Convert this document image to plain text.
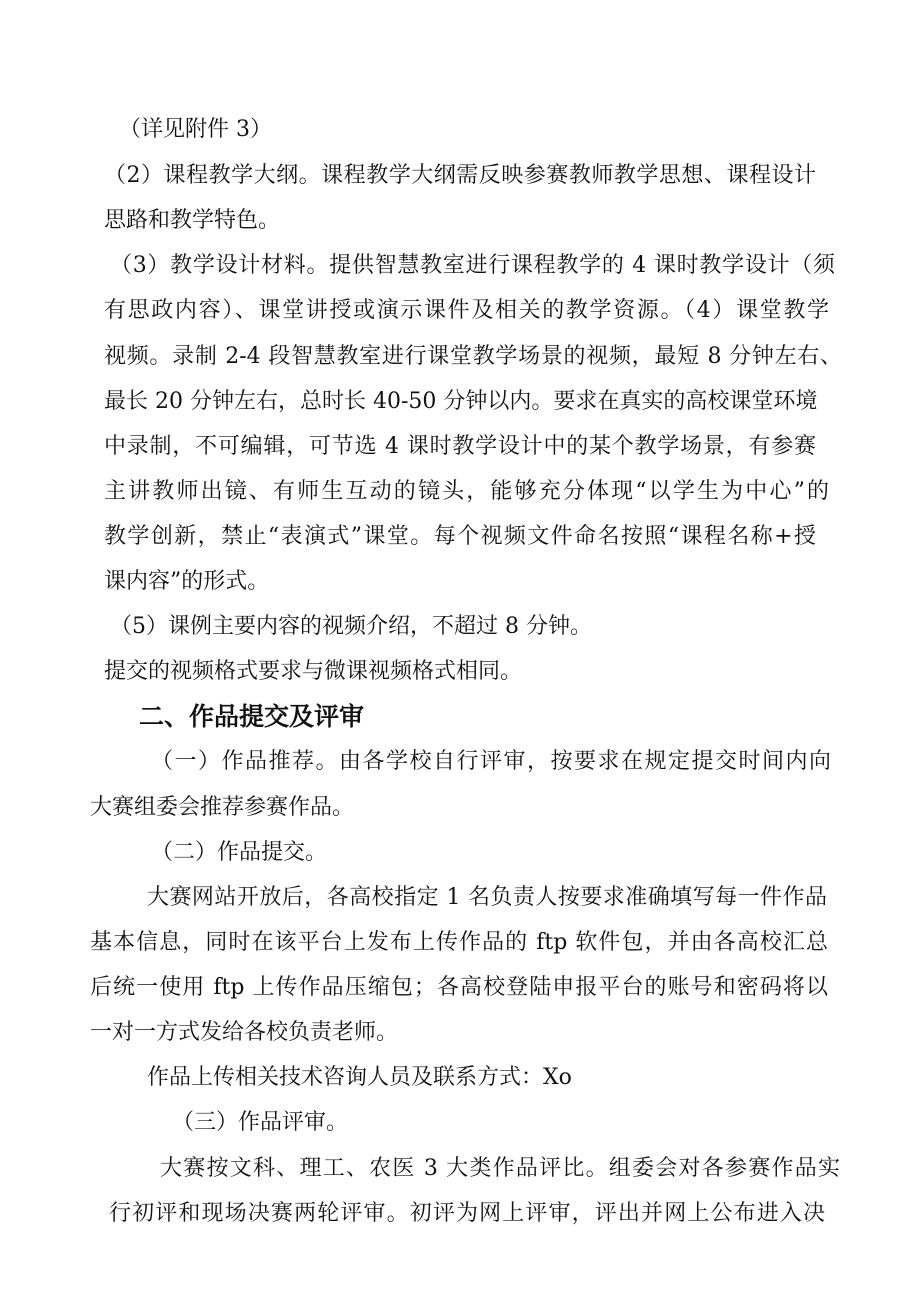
（详见附件 3）
（2）课程教学大纲。课程教学大纲需反映参赛教师教学思想、课程设计
思路和教学特色。
（3）教学设计材料。提供智慧教室进行课程教学的 4 课时教学设计（须
有思政内容）、课堂讲授或演示课件及相关的教学资源。（4）课堂教学
视频。录制 2-4 段智慧教室进行课堂教学场景的视频，最短 8 分钟左右、
最长 20 分钟左右，总时长 40-50 分钟以内。要求在真实的高校课堂环境
中录制，不可编辑，可节选 4 课时教学设计中的某个教学场景，有参赛
主讲教师出镜、有师生互动的镜头，能够充分体现“以学生为中心”的
教学创新，禁止“表演式”课堂。每个视频文件命名按照“课程名称+授
课内容”的形式。
（5）课例主要内容的视频介绍，不超过 8 分钟。
提交的视频格式要求与微课视频格式相同。
二、作品提交及评审
（一）作品推荐。由各学校自行评审，按要求在规定提交时间内向
大赛组委会推荐参赛作品。
（二）作品提交。
大赛网站开放后，各高校指定 1 名负责人按要求准确填写每一件作品
基本信息，同时在该平台上发布上传作品的 ftp 软件包，并由各高校汇总
后统一使用 ftp 上传作品压缩包；各高校登陆申报平台的账号和密码将以
一对一方式发给各校负责老师。
作品上传相关技术咨询人员及联系方式：Xo
（三）作品评审。
大赛按文科、理工、农医 3 大类作品评比。组委会对各参赛作品实
行初评和现场决赛两轮评审。初评为网上评审，评出并网上公布进入决
